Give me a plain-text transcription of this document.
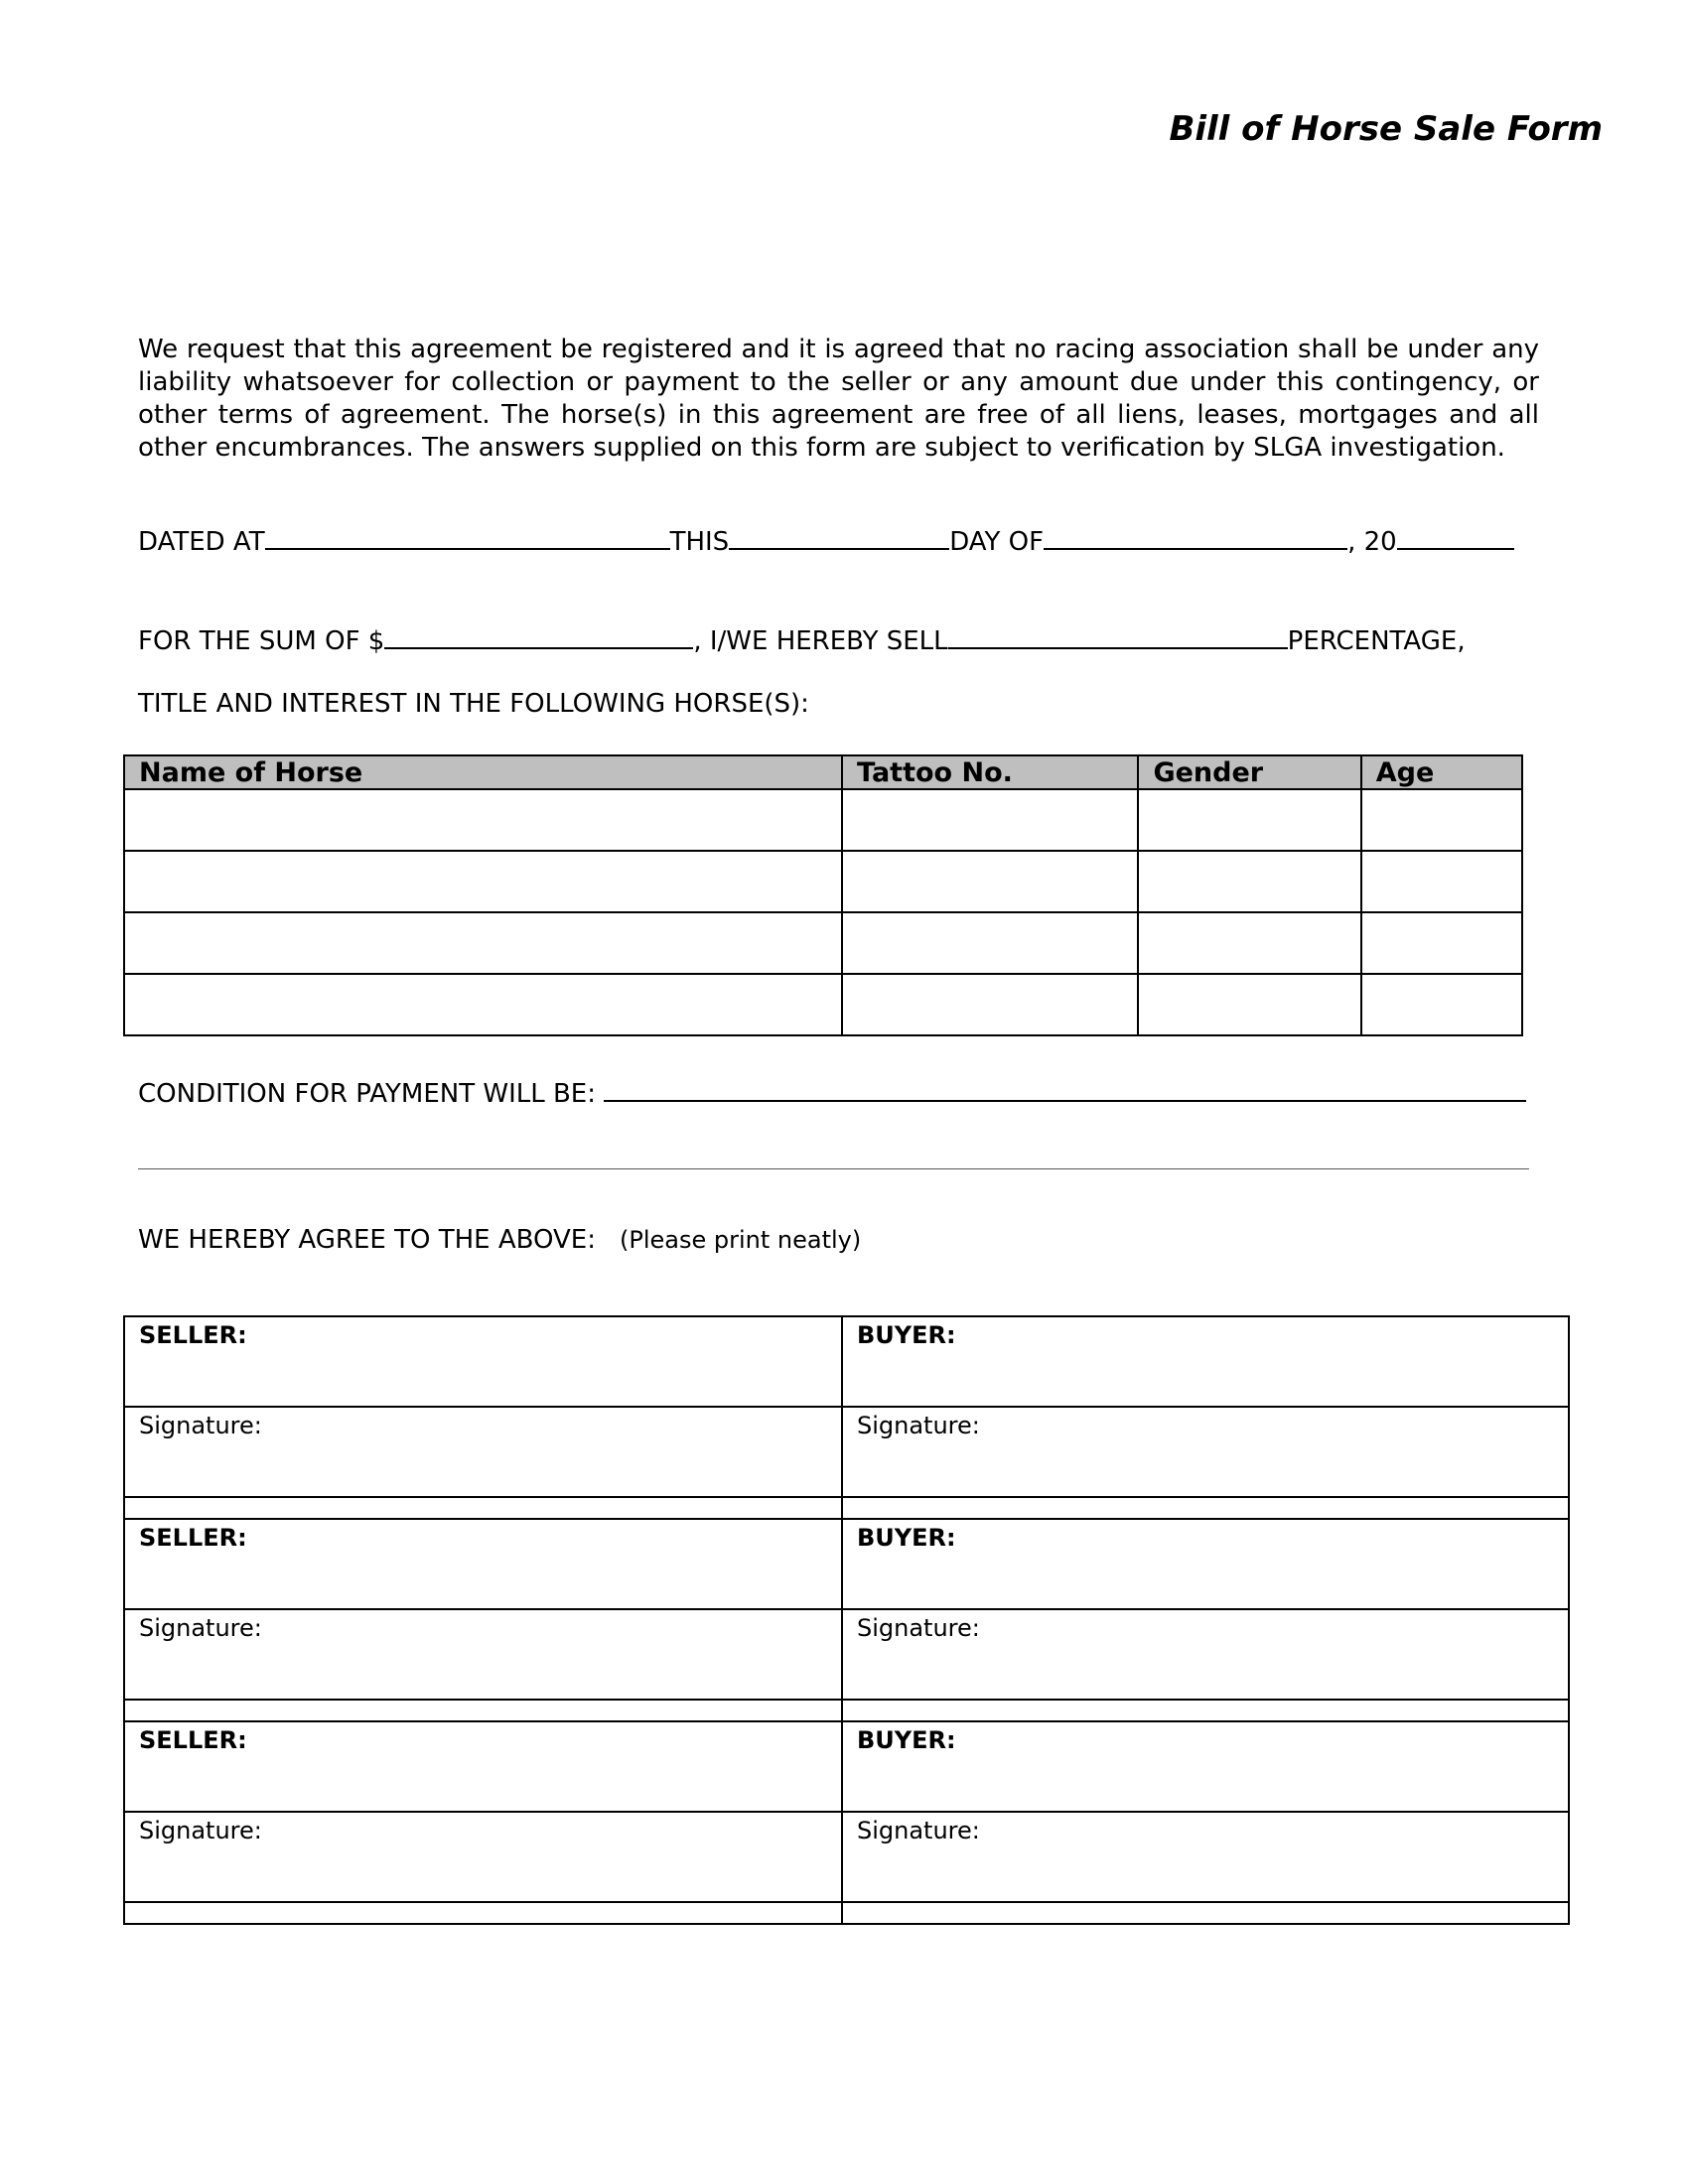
Bill of Horse Sale Form
We request that this agreement be registered and it is agreed that no racing association shall be under any liability whatsoever for collection or payment to the seller or any amount due under this contingency, or other terms of agreement. The horse(s) in this agreement are free of all liens, leases, mortgages and all other encumbrances. The answers supplied on this form are subject to verification by SLGA investigation.
DATED AT	THIS	DAY OF	, 20
FOR THE SUM OF $	, I/WE HEREBY SELL	PERCENTAGE,
TITLE AND INTEREST IN THE FOLLOWING HORSE(S):
Name of Horse	Tattoo No.	Gender	Age

CONDITION FOR PAYMENT WILL BE:
WE HEREBY AGREE TO THE ABOVE: (Please print neatly)
SELLER:	BUYER:
Signature:	Signature:

SELLER:	BUYER:
Signature:	Signature:

SELLER:	BUYER:
Signature:	Signature:
